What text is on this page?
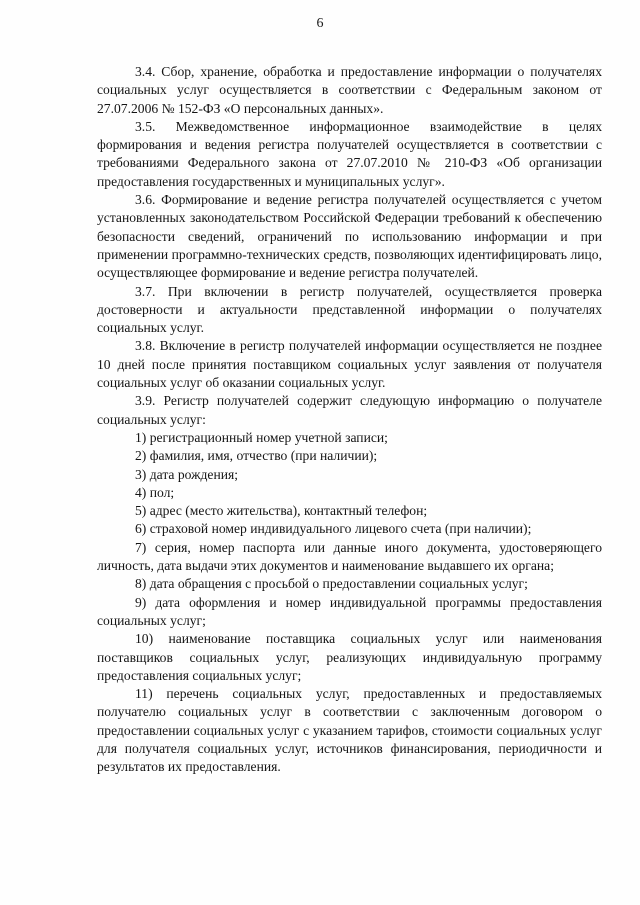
6

3.4. Сбор, хранение, обработка и предоставление информации о получателях социальных услуг осуществляется в соответствии с Федеральным законом от 27.07.2006 № 152-ФЗ «О персональных данных».

3.5. Межведомственное информационное взаимодействие в целях формирования и ведения регистра получателей осуществляется в соответствии с требованиями Федерального закона от 27.07.2010 № 210-ФЗ «Об организации предоставления государственных и муниципальных услуг».

3.6. Формирование и ведение регистра получателей осуществляется с учетом установленных законодательством Российской Федерации требований к обеспечению безопасности сведений, ограничений по использованию информации и при применении программно-технических средств, позволяющих идентифицировать лицо, осуществляющее формирование и ведение регистра получателей.

3.7. При включении в регистр получателей, осуществляется проверка достоверности и актуальности представленной информации о получателях социальных услуг.

3.8. Включение в регистр получателей информации осуществляется не позднее 10 дней после принятия поставщиком социальных услуг заявления от получателя социальных услуг об оказании социальных услуг.

3.9. Регистр получателей содержит следующую информацию о получателе социальных услуг:

1) регистрационный номер учетной записи;

2) фамилия, имя, отчество (при наличии);

3) дата рождения;

4) пол;

5) адрес (место жительства), контактный телефон;

6) страховой номер индивидуального лицевого счета (при наличии);

7) серия, номер паспорта или данные иного документа, удостоверяющего личность, дата выдачи этих документов и наименование выдавшего их органа;

8) дата обращения с просьбой о предоставлении социальных услуг;

9) дата оформления и номер индивидуальной программы предоставления социальных услуг;

10) наименование поставщика социальных услуг или наименования поставщиков социальных услуг, реализующих индивидуальную программу предоставления социальных услуг;

11) перечень социальных услуг, предоставленных и предоставляемых получателю социальных услуг в соответствии с заключенным договором о предоставлении социальных услуг с указанием тарифов, стоимости социальных услуг для получателя социальных услуг, источников финансирования, периодичности и результатов их предоставления.
